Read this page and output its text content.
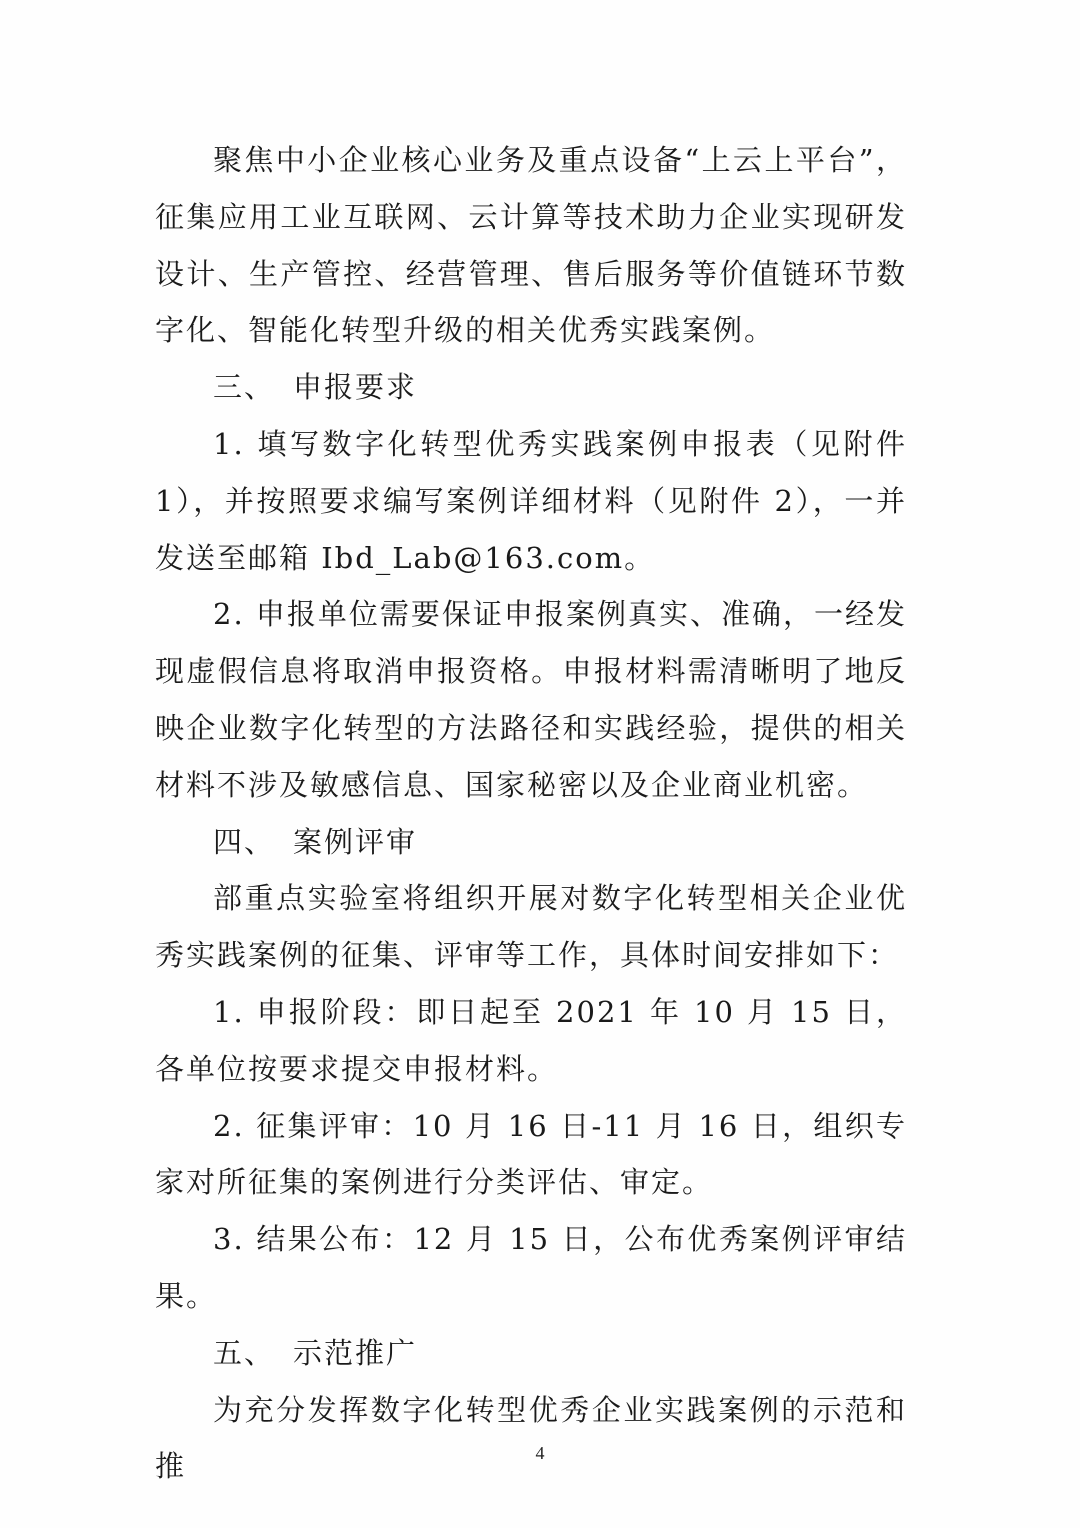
聚焦中小企业核心业务及重点设备“上云上平台”，征集应用工业互联网、云计算等技术助力企业实现研发设计、生产管控、经营管理、售后服务等价值链环节数字化、智能化转型升级的相关优秀实践案例。

三、 申报要求

1. 填写数字化转型优秀实践案例申报表（见附件 1），并按照要求编写案例详细材料（见附件 2），一并发送至邮箱 Ibd_Lab@163.com。

2. 申报单位需要保证申报案例真实、准确，一经发现虚假信息将取消申报资格。申报材料需清晰明了地反映企业数字化转型的方法路径和实践经验，提供的相关材料不涉及敏感信息、国家秘密以及企业商业机密。

四、 案例评审

部重点实验室将组织开展对数字化转型相关企业优秀实践案例的征集、评审等工作，具体时间安排如下：

1. 申报阶段：即日起至 2021 年 10 月 15 日，各单位按要求提交申报材料。

2. 征集评审：10 月 16 日-11 月 16 日，组织专家对所征集的案例进行分类评估、审定。

3. 结果公布：12 月 15 日，公布优秀案例评审结果。

五、 示范推广

为充分发挥数字化转型优秀企业实践案例的示范和推	4
